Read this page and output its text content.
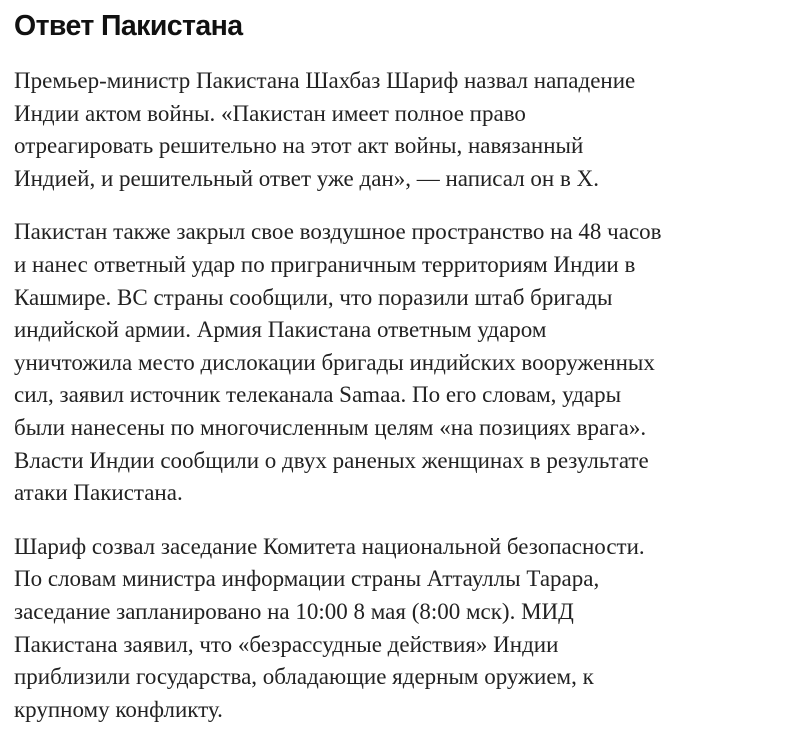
Ответ Пакистана

Премьер-министр Пакистана Шахбаз Шариф назвал нападение
Индии актом войны. «Пакистан имеет полное право
отреагировать решительно на этот акт войны, навязанный
Индией, и решительный ответ уже дан», — написал он в X.

Пакистан также закрыл свое воздушное пространство на 48 часов
и нанес ответный удар по приграничным территориям Индии в
Кашмире. ВС страны сообщили, что поразили штаб бригады
индийской армии. Армия Пакистана ответным ударом
уничтожила место дислокации бригады индийских вооруженных
сил, заявил источник телеканала Samaa. По его словам, удары
были нанесены по многочисленным целям «на позициях врага».
Власти Индии сообщили о двух раненых женщинах в результате
атаки Пакистана.

Шариф созвал заседание Комитета национальной безопасности.
По словам министра информации страны Аттауллы Тарара,
заседание запланировано на 10:00 8 мая (8:00 мск). МИД
Пакистана заявил, что «безрассудные действия» Индии
приблизили государства, обладающие ядерным оружием, к
крупному конфликту.
